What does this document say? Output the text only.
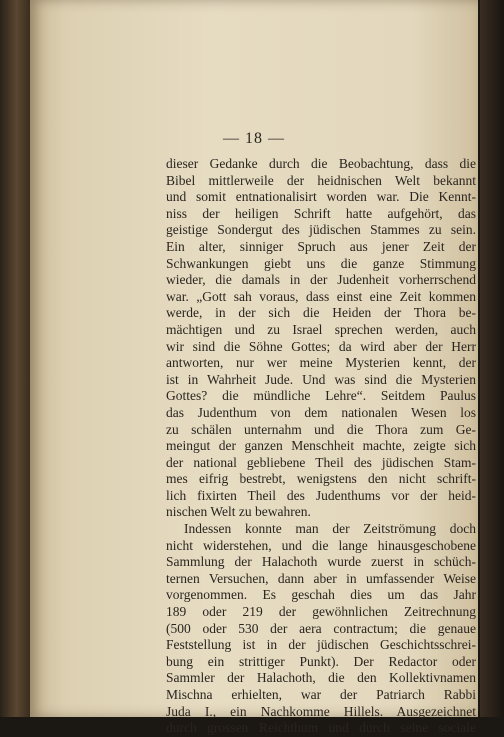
— 18 —
dieser Gedanke durch die Beobachtung, dass die
Bibel mittlerweile der heidnischen Welt bekannt
und somit entnationalisirt worden war. Die Kennt-
niss der heiligen Schrift hatte aufgehört, das
geistige Sondergut des jüdischen Stammes zu sein.
Ein alter, sinniger Spruch aus jener Zeit der
Schwankungen giebt uns die ganze Stimmung
wieder, die damals in der Judenheit vorherrschend
war. „Gott sah voraus, dass einst eine Zeit kommen
werde, in der sich die Heiden der Thora be-
mächtigen und zu Israel sprechen werden, auch
wir sind die Söhne Gottes; da wird aber der Herr
antworten, nur wer meine Mysterien kennt, der
ist in Wahrheit Jude. Und was sind die Mysterien
Gottes? die mündliche Lehre“. Seitdem Paulus
das Judenthum von dem nationalen Wesen los
zu schälen unternahm und die Thora zum Ge-
meingut der ganzen Menschheit machte, zeigte sich
der national gebliebene Theil des jüdischen Stam-
mes eifrig bestrebt, wenigstens den nicht schrift-
lich fixirten Theil des Judenthums vor der heid-
nischen Welt zu bewahren.
Indessen konnte man der Zeitströmung doch
nicht widerstehen, und die lange hinausgeschobene
Sammlung der Halachoth wurde zuerst in schüch-
ternen Versuchen, dann aber in umfassender Weise
vorgenommen. Es geschah dies um das Jahr
189 oder 219 der gewöhnlichen Zeitrechnung
(500 oder 530 der aera contractum; die genaue
Feststellung ist in der jüdischen Geschichtsschrei-
bung ein strittiger Punkt). Der Redactor oder
Sammler der Halachoth, die den Kollektivnamen
Mischna erhielten, war der Patriarch Rabbi
Juda I., ein Nachkomme Hillels. Ausgezeichnet
durch grossen Reichthum und durch seine sociale
